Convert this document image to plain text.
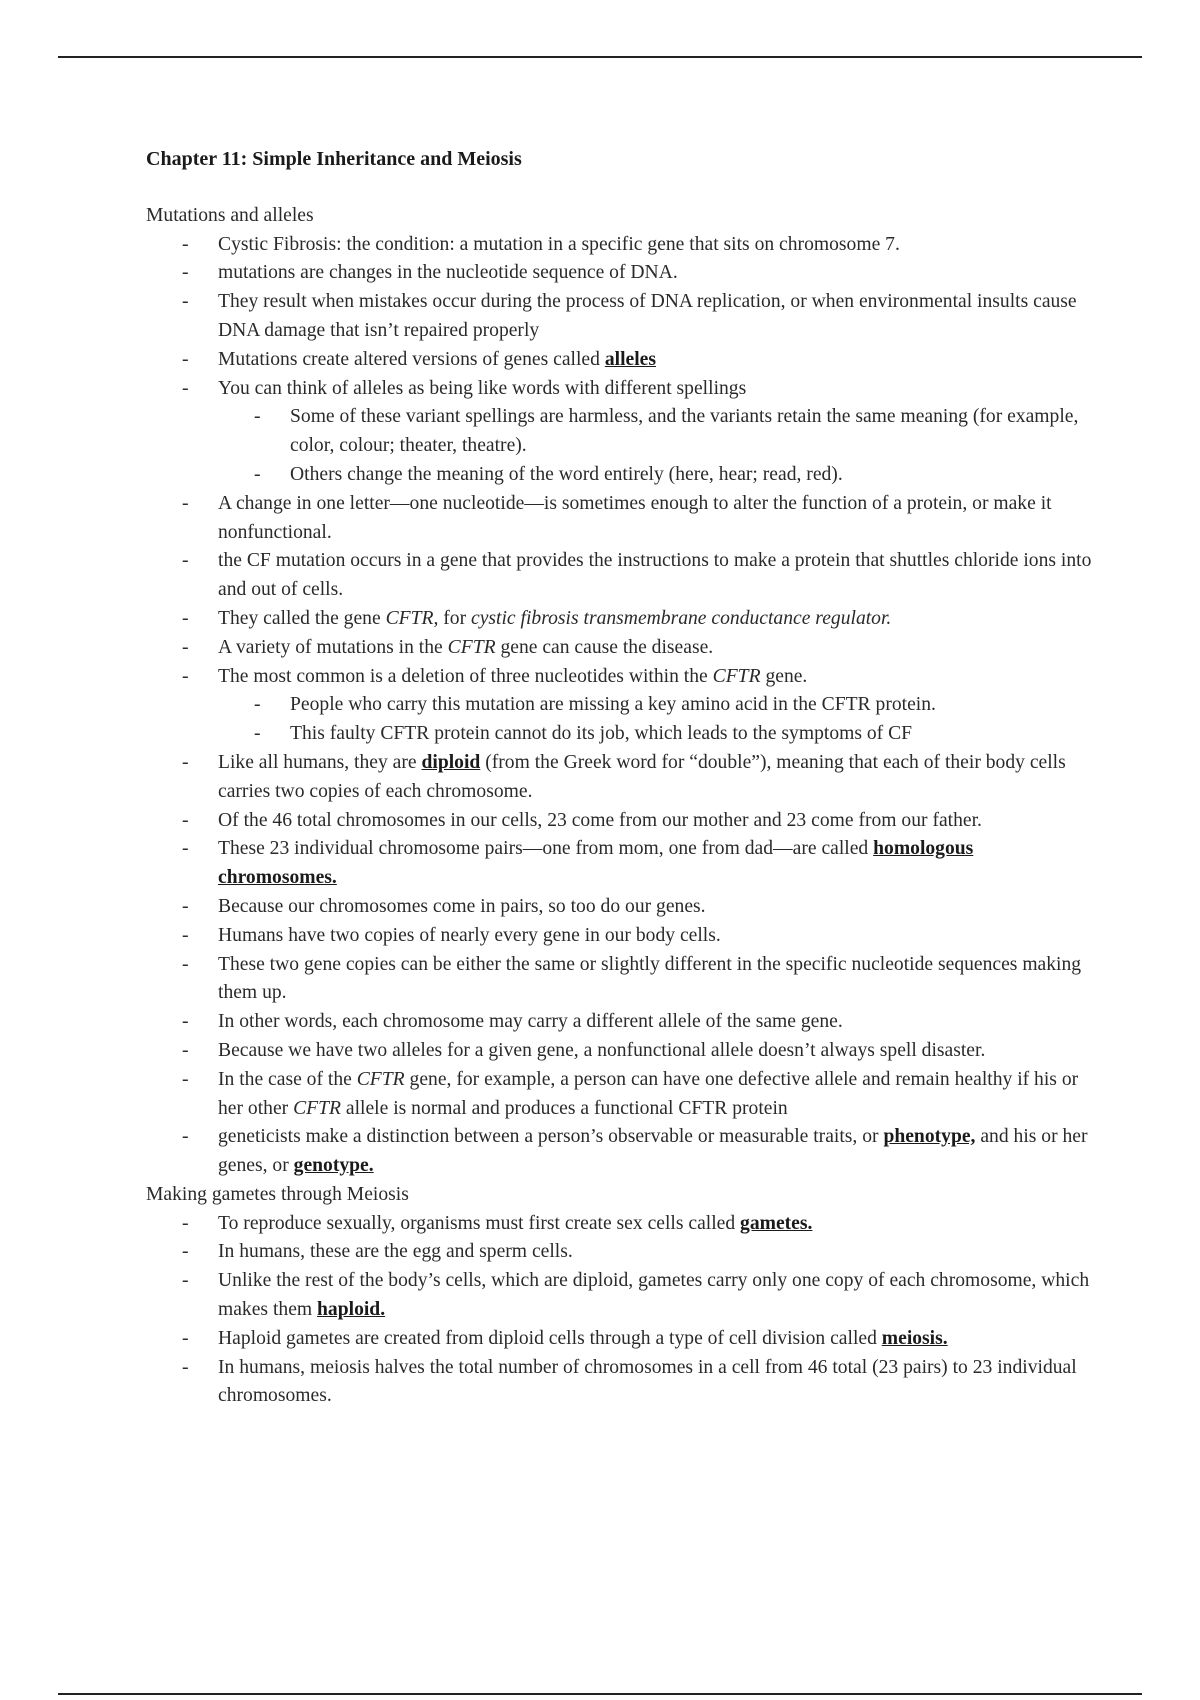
Chapter 11: Simple Inheritance and Meiosis
Mutations and alleles
- Cystic Fibrosis: the condition: a mutation in a specific gene that sits on chromosome 7.
- mutations are changes in the nucleotide sequence of DNA.
- They result when mistakes occur during the process of DNA replication, or when environmental insults cause DNA damage that isn’t repaired properly
- Mutations create altered versions of genes called alleles
- You can think of alleles as being like words with different spellings
- Some of these variant spellings are harmless, and the variants retain the same meaning (for example, color, colour; theater, theatre).
- Others change the meaning of the word entirely (here, hear; read, red).
- A change in one letter—one nucleotide—is sometimes enough to alter the function of a protein, or make it nonfunctional.
- the CF mutation occurs in a gene that provides the instructions to make a protein that shuttles chloride ions into and out of cells.
- They called the gene CFTR, for cystic fibrosis transmembrane conductance regulator.
- A variety of mutations in the CFTR gene can cause the disease.
- The most common is a deletion of three nucleotides within the CFTR gene.
- People who carry this mutation are missing a key amino acid in the CFTR protein.
- This faulty CFTR protein cannot do its job, which leads to the symptoms of CF
- Like all humans, they are diploid (from the Greek word for “double”), meaning that each of their body cells carries two copies of each chromosome.
- Of the 46 total chromosomes in our cells, 23 come from our mother and 23 come from our father.
- These 23 individual chromosome pairs—one from mom, one from dad—are called homologous chromosomes.
- Because our chromosomes come in pairs, so too do our genes.
- Humans have two copies of nearly every gene in our body cells.
- These two gene copies can be either the same or slightly different in the specific nucleotide sequences making them up.
- In other words, each chromosome may carry a different allele of the same gene.
- Because we have two alleles for a given gene, a nonfunctional allele doesn’t always spell disaster.
- In the case of the CFTR gene, for example, a person can have one defective allele and remain healthy if his or her other CFTR allele is normal and produces a functional CFTR protein
- geneticists make a distinction between a person’s observable or measurable traits, or phenotype, and his or her genes, or genotype.
Making gametes through Meiosis
- To reproduce sexually, organisms must first create sex cells called gametes.
- In humans, these are the egg and sperm cells.
- Unlike the rest of the body’s cells, which are diploid, gametes carry only one copy of each chromosome, which makes them haploid.
- Haploid gametes are created from diploid cells through a type of cell division called meiosis.
- In humans, meiosis halves the total number of chromosomes in a cell from 46 total (23 pairs) to 23 individual chromosomes.
